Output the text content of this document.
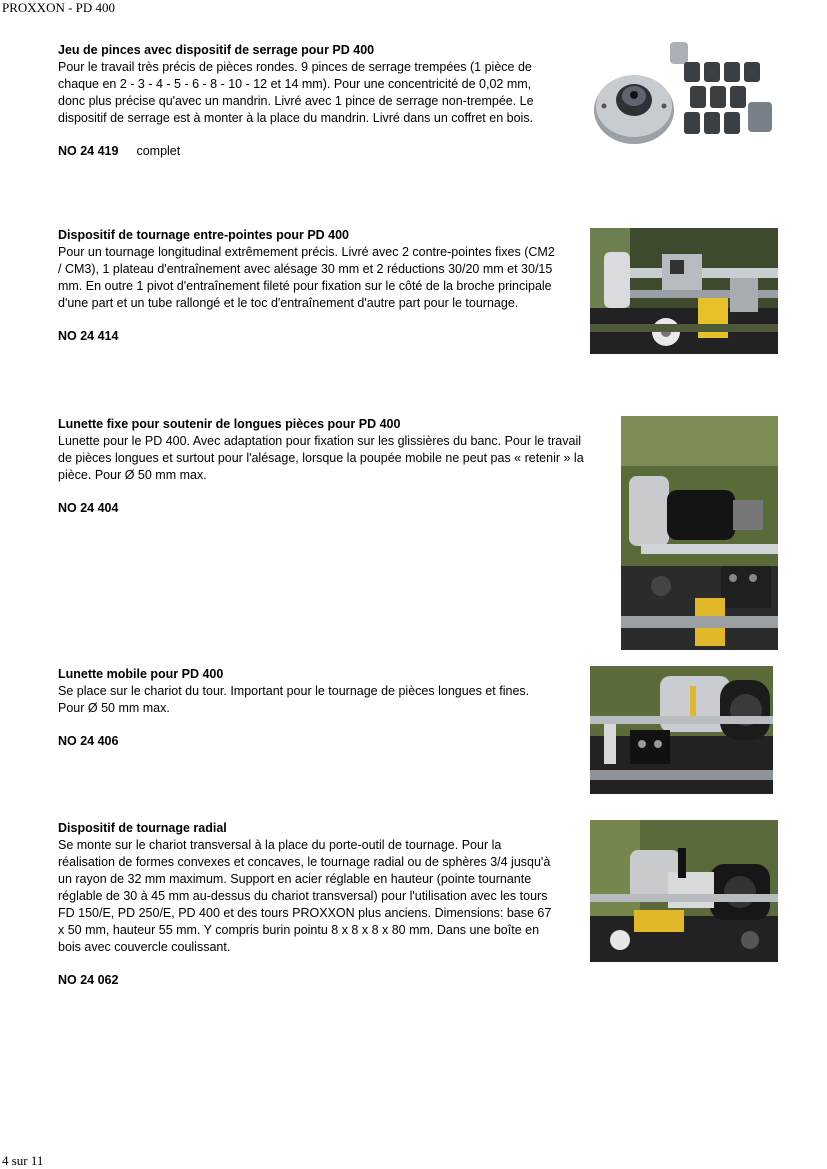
PROXXON - PD 400
Jeu de pinces avec dispositif de serrage pour PD 400
Pour le travail très précis de pièces rondes. 9 pinces de serrage trempées (1 pièce de
chaque en 2 - 3 - 4 - 5 - 6 - 8 - 10 - 12 et 14 mm). Pour une concentricité de 0,02 mm,
donc plus précise qu'avec un mandrin. Livré avec 1 pince de serrage non-trempée. Le
dispositif de serrage est à monter à la place du mandrin. Livré dans un coffret en bois.
NO 24 419 complet
Dispositif de tournage entre-pointes pour PD 400
Pour un tournage longitudinal extrêmement précis. Livré avec 2 contre-pointes fixes (CM2
/ CM3), 1 plateau d'entraînement avec alésage 30 mm et 2 réductions 30/20 mm et 30/15
mm. En outre 1 pivot d'entraînement fileté pour fixation sur le côté de la broche principale
d'une part et un tube rallongé et le toc d'entraînement d'autre part pour le tournage.
NO 24 414
Lunette fixe pour soutenir de longues pièces pour PD 400
Lunette pour le PD 400. Avec adaptation pour fixation sur les glissières du banc. Pour le travail
de pièces longues et surtout pour l'alésage, lorsque la poupée mobile ne peut pas « retenir » la
pièce. Pour Ø 50 mm max.
NO 24 404
Lunette mobile pour PD 400
Se place sur le chariot du tour. Important pour le tournage de pièces longues et fines.
Pour Ø 50 mm max.
NO 24 406
Dispositif de tournage radial
Se monte sur le chariot transversal à la place du porte-outil de tournage. Pour la
réalisation de formes convexes et concaves, le tournage radial ou de sphères 3/4 jusqu'à
un rayon de 32 mm maximum. Support en acier réglable en hauteur (pointe tournante
réglable de 30 à 45 mm au-dessus du chariot transversal) pour l'utilisation avec les tours
FD 150/E, PD 250/E, PD 400 et des tours PROXXON plus anciens. Dimensions: base 67
x 50 mm, hauteur 55 mm. Y compris burin pointu 8 x 8 x 8 x 80 mm. Dans une boîte en
bois avec couvercle coulissant.
NO 24 062
4 sur 11
